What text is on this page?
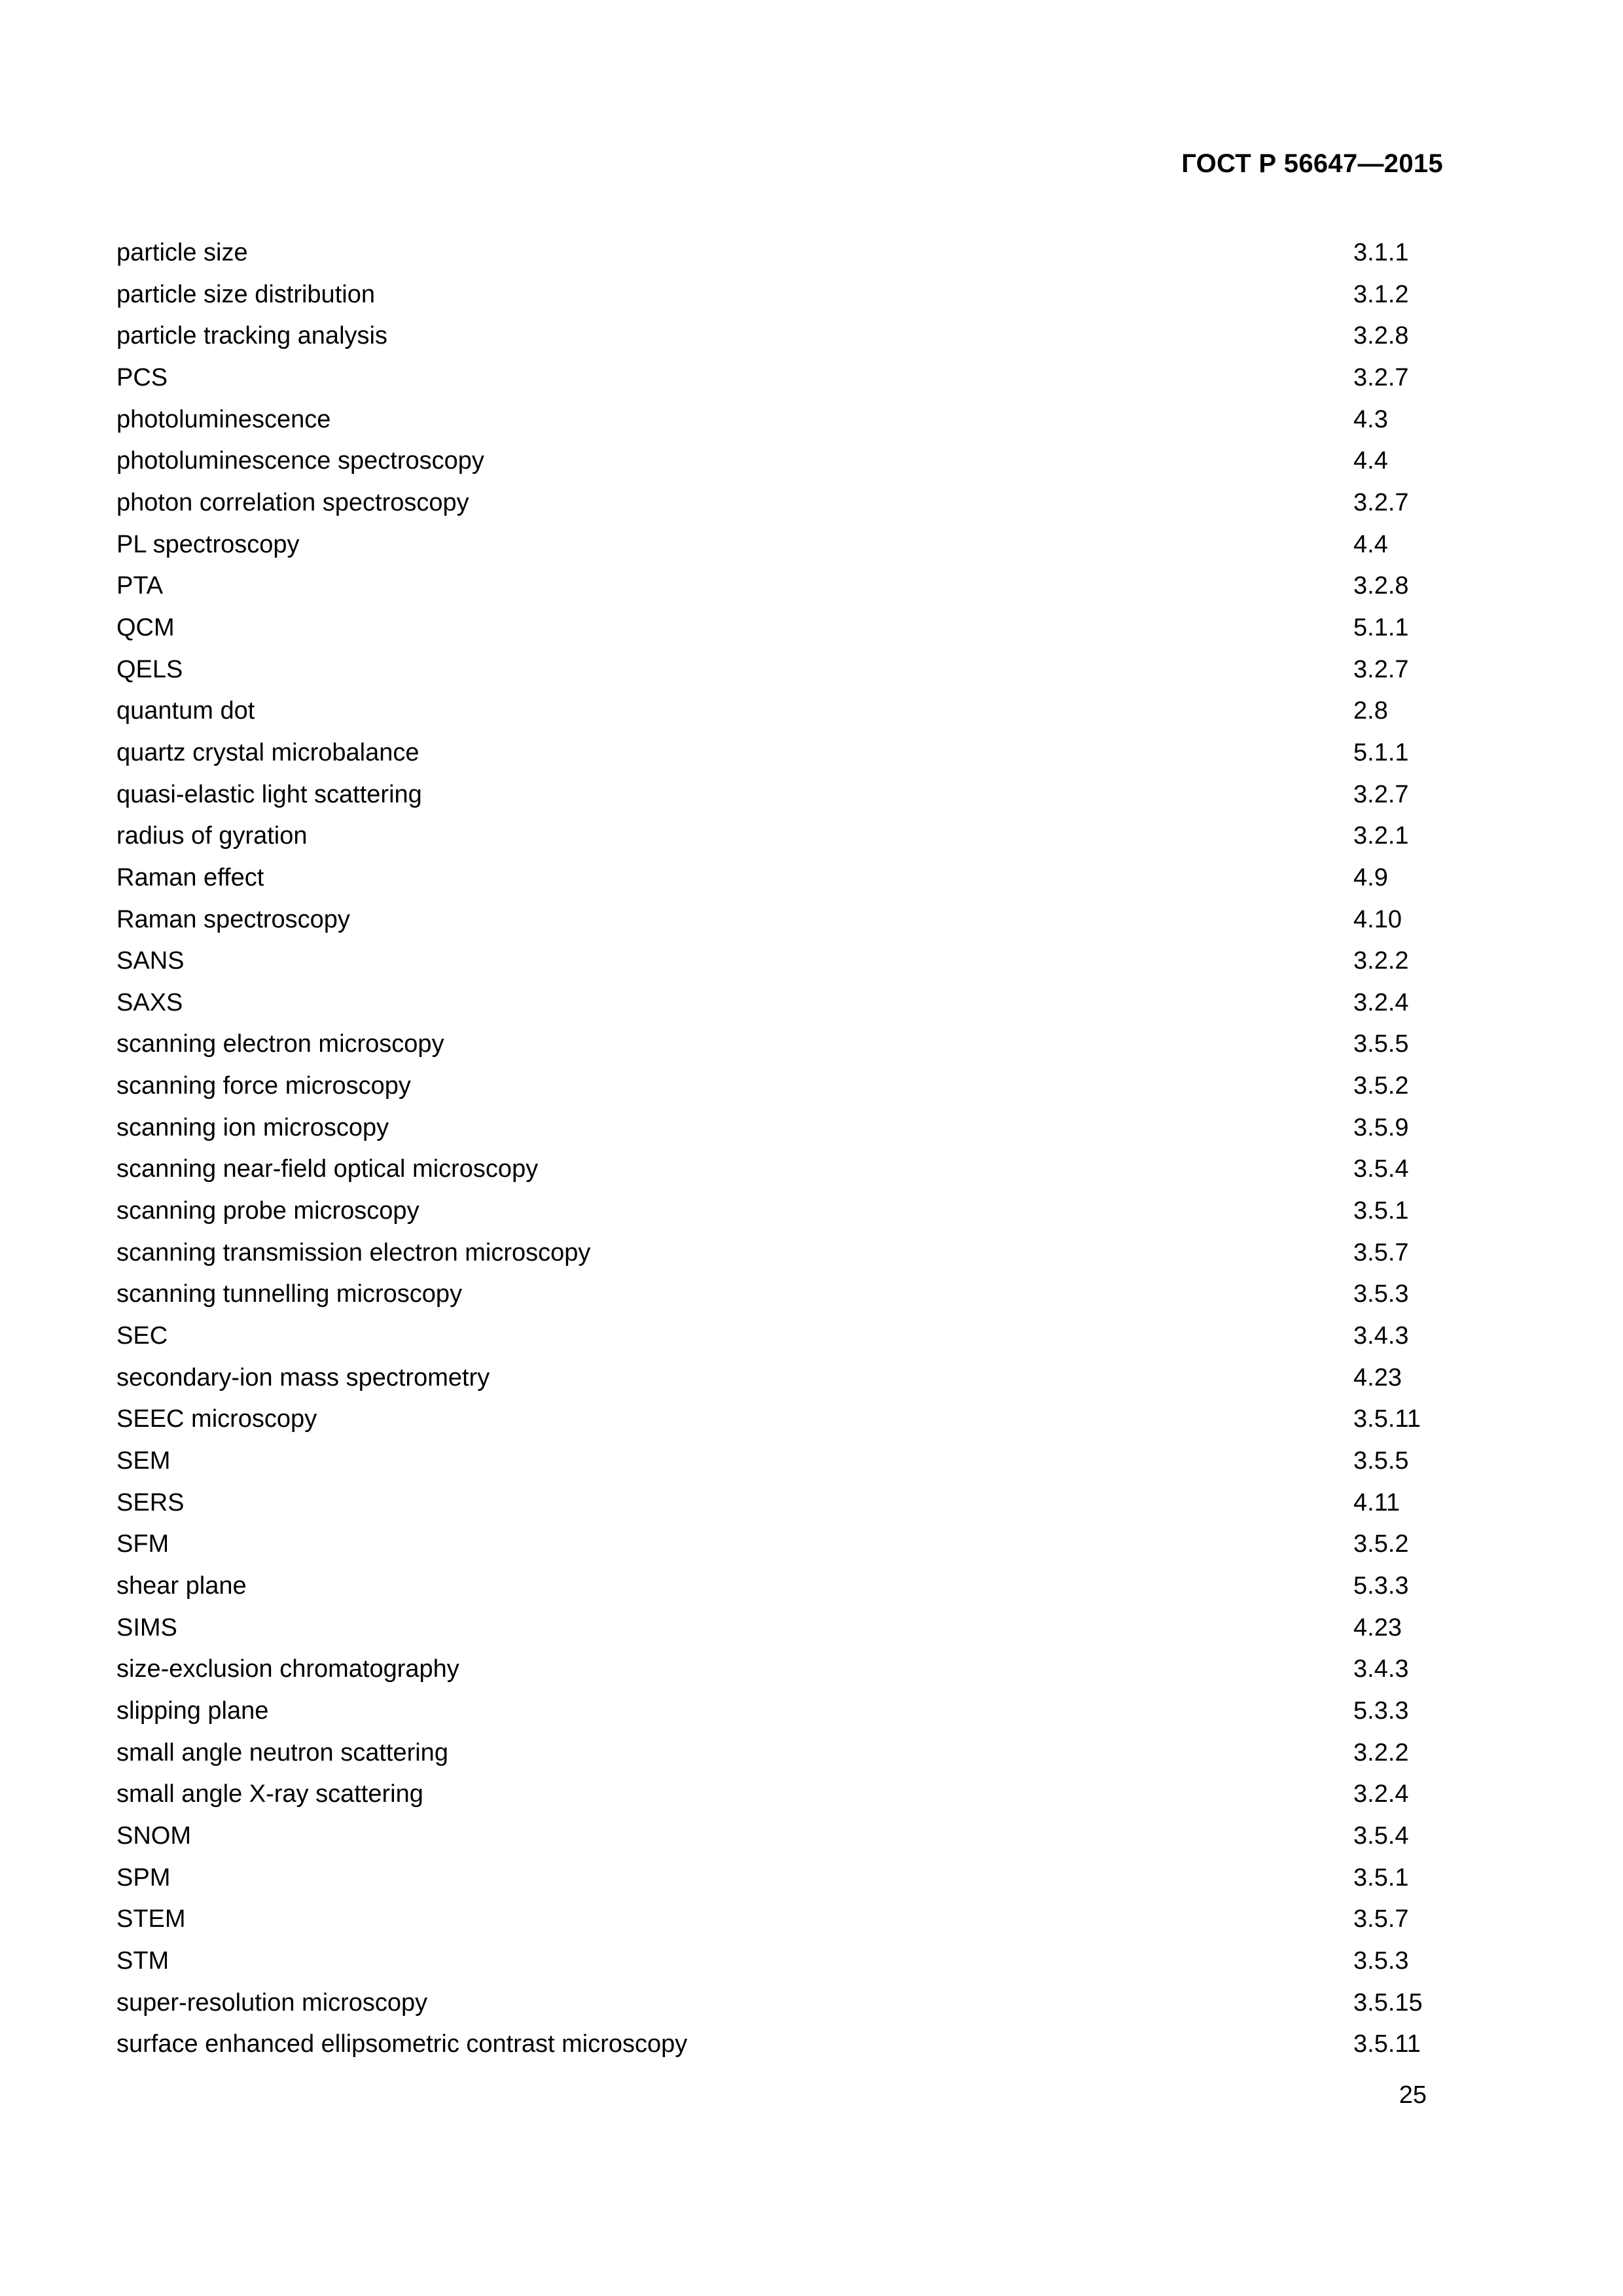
ГОСТ Р 56647—2015
particle size	3.1.1
particle size distribution	3.1.2
particle tracking analysis	3.2.8
PCS	3.2.7
photoluminescence	4.3
photoluminescence spectroscopy	4.4
photon correlation spectroscopy	3.2.7
PL spectroscopy	4.4
PTA	3.2.8
QCM	5.1.1
QELS	3.2.7
quantum dot	2.8
quartz crystal microbalance	5.1.1
quasi-elastic light scattering	3.2.7
radius of gyration	3.2.1
Raman effect	4.9
Raman spectroscopy	4.10
SANS	3.2.2
SAXS	3.2.4
scanning electron microscopy	3.5.5
scanning force microscopy	3.5.2
scanning ion microscopy	3.5.9
scanning near-field optical microscopy	3.5.4
scanning probe microscopy	3.5.1
scanning transmission electron microscopy	3.5.7
scanning tunnelling microscopy	3.5.3
SEC	3.4.3
secondary-ion mass spectrometry	4.23
SEEC microscopy	3.5.11
SEM	3.5.5
SERS	4.11
SFM	3.5.2
shear plane	5.3.3
SIMS	4.23
size-exclusion chromatography	3.4.3
slipping plane	5.3.3
small angle neutron scattering	3.2.2
small angle X-ray scattering	3.2.4
SNOM	3.5.4
SPM	3.5.1
STEM	3.5.7
STM	3.5.3
super-resolution microscopy	3.5.15
surface enhanced ellipsometric contrast microscopy	3.5.11
25
